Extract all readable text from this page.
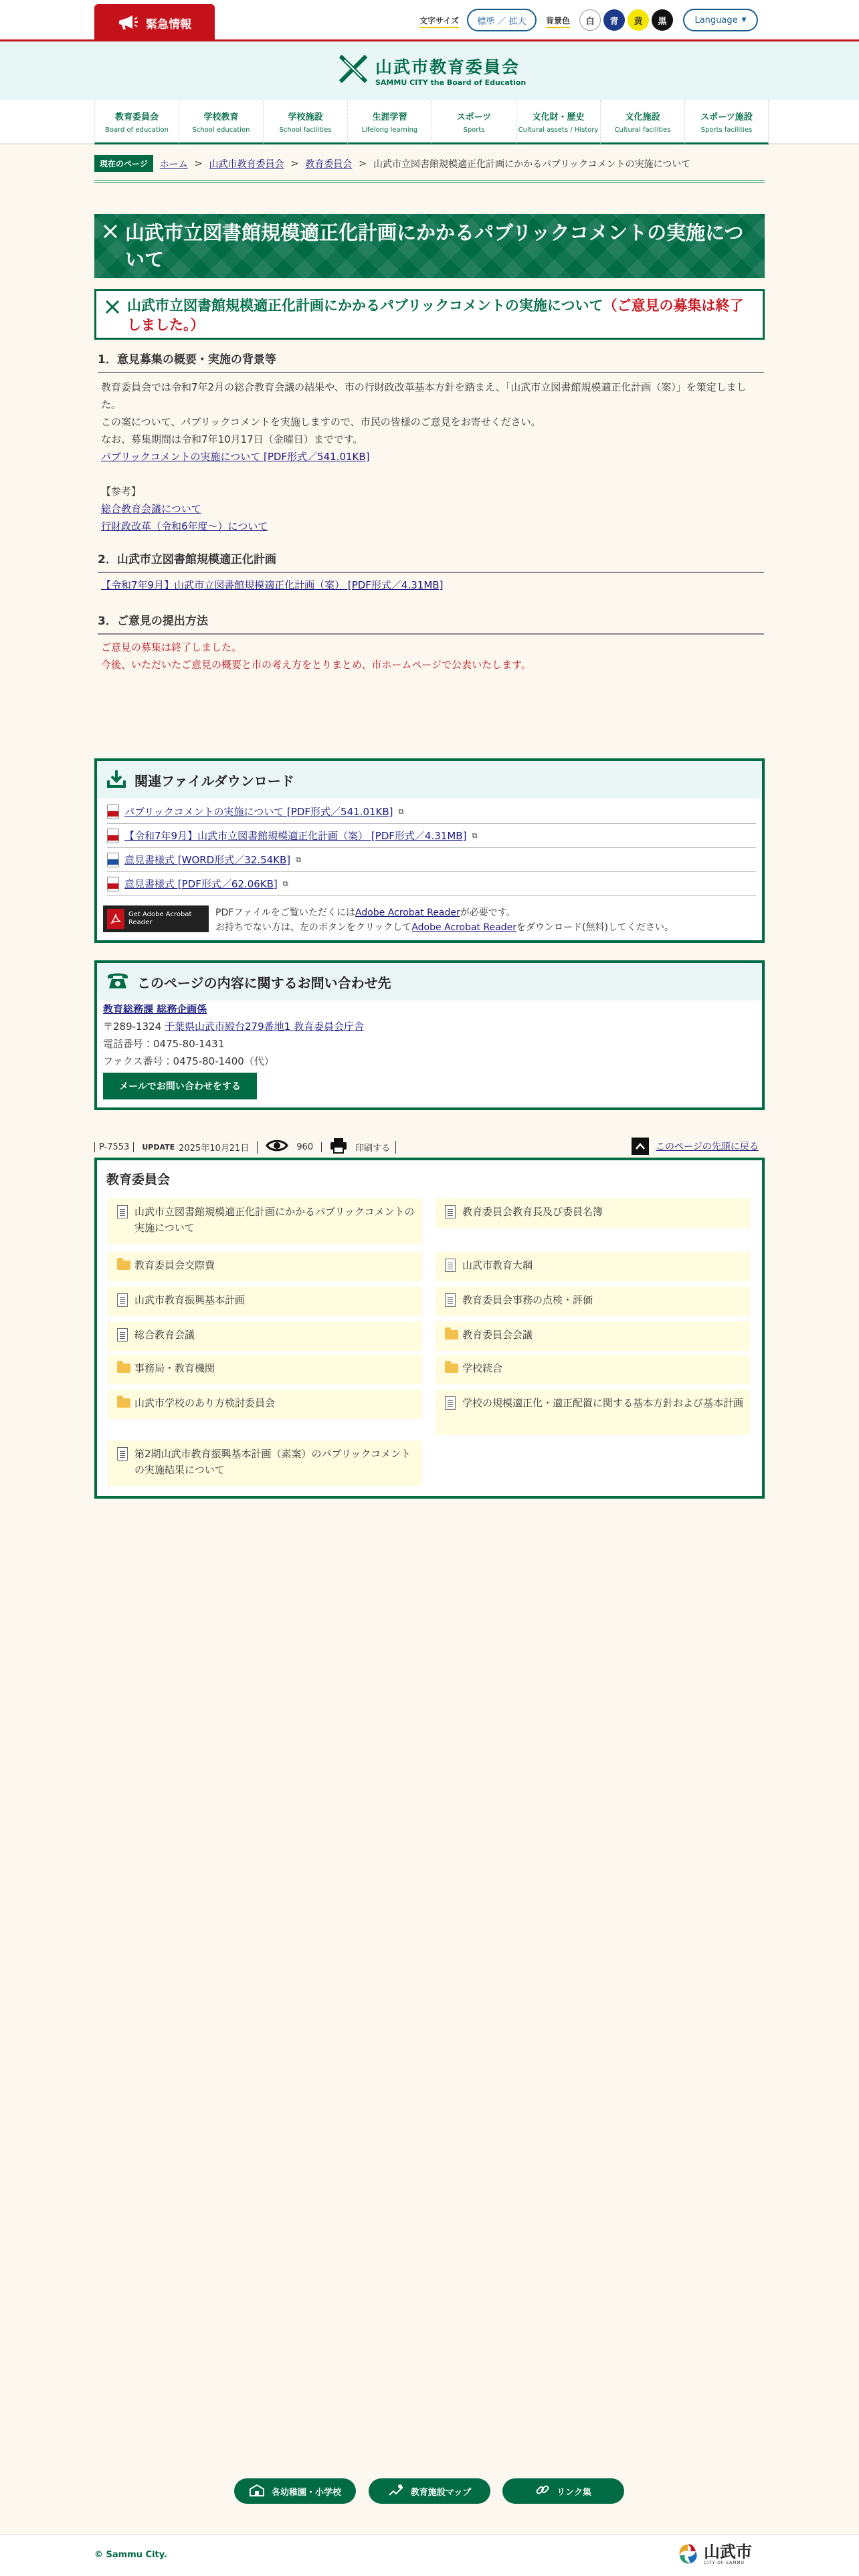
緊急情報	文字サイズ	標準 ／ 拡大	背景色	白	青	黄	黒	Language ▼
山武市教育委員会
SAMMU CITY the Board of Education
教育委員会
Board of education
学校教育
School education
学校施設
School facilities
生涯学習
Lifelong learning
スポーツ
Sports
文化財・歴史
Cultural assets / History
文化施設
Cultural facilities
スポーツ施設
Sports facilities
現在のページ	ホーム > 山武市教育委員会 > 教育委員会 > 山武市立図書館規模適正化計画にかかるパブリックコメントの実施について
山武市立図書館規模適正化計画にかかるパブリックコメントの実施について
山武市立図書館規模適正化計画にかかるパブリックコメントの実施について（ご意見の募集は終了しました。）
1．意見募集の概要・実施の背景等
教育委員会では令和7年2月の総合教育会議の結果や、市の行財政改革基本方針を踏まえ、「山武市立図書館規模適正化計画（案）」を策定しました。
この案について、パブリックコメントを実施しますので、市民の皆様のご意見をお寄せください。
なお、募集期間は令和7年10月17日（金曜日）までです。
パブリックコメントの実施について [PDF形式／541.01KB]
【参考】
総合教育会議について
行財政改革（令和6年度〜）について
2．山武市立図書館規模適正化計画
【令和7年9月】山武市立図書館規模適正化計画（案） [PDF形式／4.31MB]
3．ご意見の提出方法
ご意見の募集は終了しました。
今後、いただいたご意見の概要と市の考え方をとりまとめ、市ホームページで公表いたします。
関連ファイルダウンロード
パブリックコメントの実施について [PDF形式／541.01KB] ⧉
【令和7年9月】山武市立図書館規模適正化計画（案） [PDF形式／4.31MB] ⧉
意見書様式 [WORD形式／32.54KB] ⧉
意見書様式 [PDF形式／62.06KB] ⧉
Get Adobe Acrobat Reader
PDFファイルをご覧いただくにはAdobe Acrobat Readerが必要です。
お持ちでない方は、左のボタンをクリックしてAdobe Acrobat Readerをダウンロード(無料)してください。
このページの内容に関するお問い合わせ先
教育総務課 総務企画係
〒289-1324 千葉県山武市殿台279番地1 教育委員会庁舎
電話番号：0475-80-1431
ファクス番号：0475-80-1400（代）
メールでお問い合わせをする
P-7553	UPDATE 2025年10月21日	960	印刷する	このページの先頭に戻る
教育委員会
山武市立図書館規模適正化計画にかかるパブリックコメントの実施について
教育委員会教育長及び委員名簿
教育委員会交際費	山武市教育大綱
山武市教育振興基本計画	教育委員会事務の点検・評価
総合教育会議	教育委員会会議
事務局・教育機関	学校統合
山武市学校のあり方検討委員会	学校の規模適正化・適正配置に関する基本方針および基本計画
第2期山武市教育振興基本計画（素案）のパブリックコメントの実施結果について
各幼稚園・小学校	教育施設マップ	リンク集
© Sammu City.	山武市
CITY OF SAMMU
